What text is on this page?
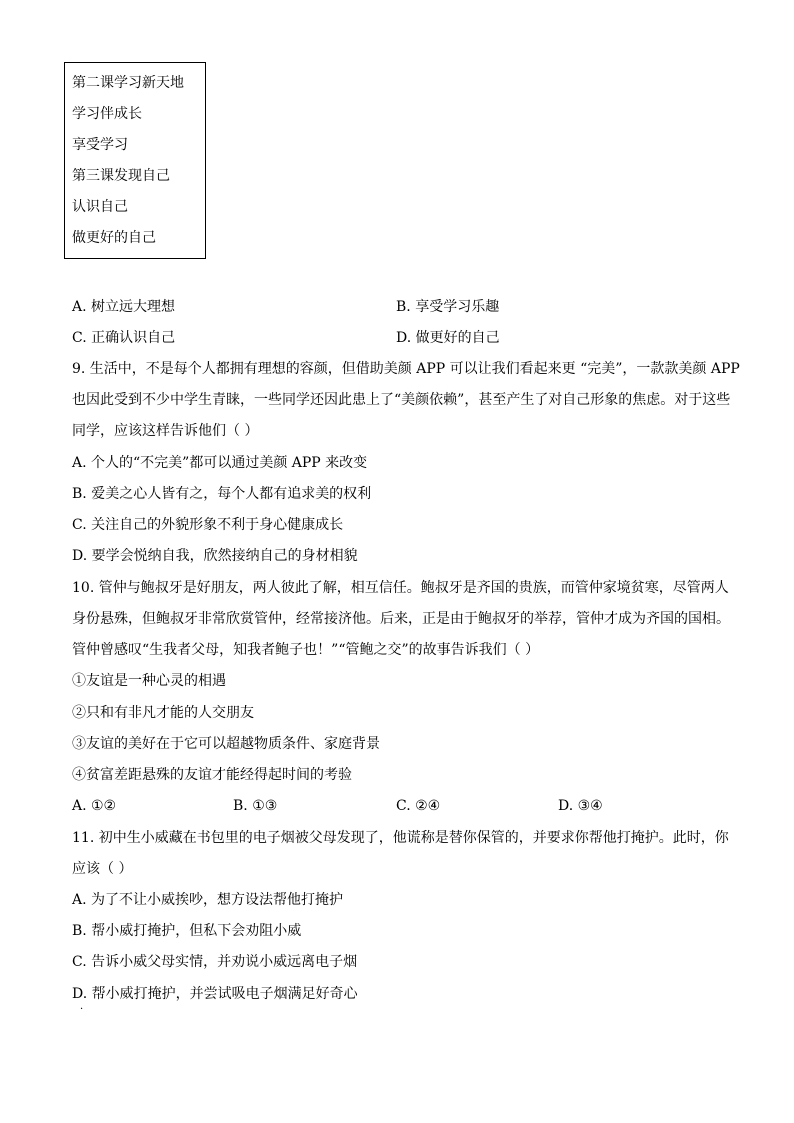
第二课学习新天地
学习伴成长
享受学习
第三课发现自己
认识自己
做更好的自己
A. 树立远大理想	B. 享受学习乐趣
C. 正确认识自己	D. 做更好的自己
9. 生活中，不是每个人都拥有理想的容颜，但借助美颜 APP 可以让我们看起来更 “完美”，一款款美颜 APP
也因此受到不少中学生青睐，一些同学还因此患上了“美颜依赖”，甚至产生了对自己形象的焦虑。对于这些
同学，应该这样告诉他们（ ）
A. 个人的“不完美”都可以通过美颜 APP 来改变
B. 爱美之心人皆有之，每个人都有追求美的权利
C. 关注自己的外貌形象不利于身心健康成长
D. 要学会悦纳自我，欣然接纳自己的身材相貌
10. 管仲与鲍叔牙是好朋友，两人彼此了解，相互信任。鲍叔牙是齐国的贵族，而管仲家境贫寒，尽管两人
身份悬殊，但鲍叔牙非常欣赏管仲，经常接济他。后来，正是由于鲍叔牙的举荐，管仲才成为齐国的国相。
管仲曾感叹“生我者父母，知我者鲍子也！”“管鲍之交”的故事告诉我们（ ）
①友谊是一种心灵的相遇
②只和有非凡才能的人交朋友
③友谊的美好在于它可以超越物质条件、家庭背景
④贫富差距悬殊的友谊才能经得起时间的考验
A. ①②	B. ①③	C. ②④	D. ③④
11. 初中生小威藏在书包里的电子烟被父母发现了，他谎称是替你保管的，并要求你帮他打掩护。此时，你
应该（ ）
A. 为了不让小威挨吵，想方设法帮他打掩护
B. 帮小威打掩护，但私下会劝阻小威
C. 告诉小威父母实情，并劝说小威远离电子烟
D. 帮小威打掩护，并尝试吸电子烟满足好奇心
·
